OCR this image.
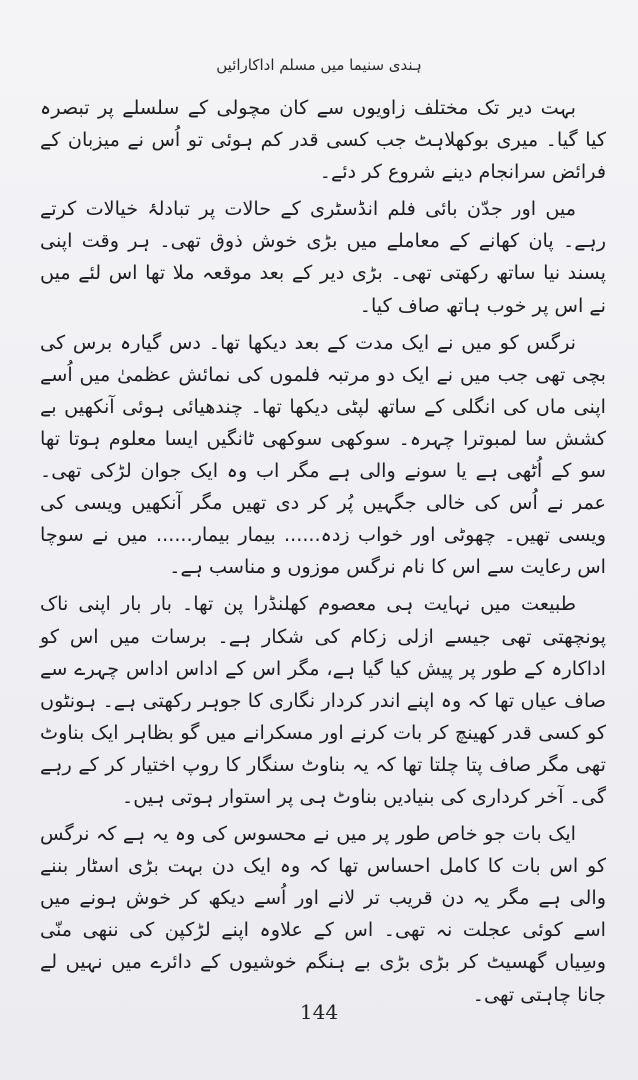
ہندی سنیما میں مسلم اداکارائیں

بہت دیر تک مختلف زاویوں سے کان مچولی کے سلسلے پر تبصرہ کیا گیا۔ میری بوکھلاہٹ جب کسی قدر کم ہوئی تو اُس نے میزبان کے فرائض سرانجام دینے شروع کر دئے۔

میں اور جدّن بائی فلم انڈسٹری کے حالات پر تبادلۂ خیالات کرتے رہے۔ پان کھانے کے معاملے میں بڑی خوش ذوق تھی۔ ہر وقت اپنی پسند نیا ساتھ رکھتی تھی۔ بڑی دیر کے بعد موقعہ ملا تھا اس لئے میں نے اس پر خوب ہاتھ صاف کیا۔

نرگس کو میں نے ایک مدت کے بعد دیکھا تھا۔ دس گیارہ برس کی بچی تھی جب میں نے ایک دو مرتبہ فلموں کی نمائش عظمیٰ میں اُسے اپنی ماں کی انگلی کے ساتھ لپٹی دیکھا تھا۔ چندھیائی ہوئی آنکھیں بے کشش سا لمبوترا چہرہ۔ سوکھی سوکھی ٹانگیں ایسا معلوم ہوتا تھا سو کے اُٹھی ہے یا سونے والی ہے مگر اب وہ ایک جوان لڑکی تھی۔ عمر نے اُس کی خالی جگہیں پُر کر دی تھیں مگر آنکھیں ویسی کی ویسی تھیں۔ چھوٹی اور خواب زدہ...... بیمار بیمار...... میں نے سوچا اس رعایت سے اس کا نام نرگس موزوں و مناسب ہے۔

طبیعت میں نہایت ہی معصوم کھلنڈرا پن تھا۔ بار بار اپنی ناک پونچھتی تھی جیسے ازلی زکام کی شکار ہے۔ برسات میں اس کو اداکارہ کے طور پر پیش کیا گیا ہے، مگر اس کے اداس اداس چہرے سے صاف عیاں تھا کہ وہ اپنے اندر کردار نگاری کا جوہر رکھتی ہے۔ ہونٹوں کو کسی قدر کھینچ کر بات کرنے اور مسکرانے میں گو بظاہر ایک بناوٹ تھی مگر صاف پتا چلتا تھا کہ یہ بناوٹ سنگار کا روپ اختیار کر کے رہے گی۔ آخر کرداری کی بنیادیں بناوٹ ہی پر استوار ہوتی ہیں۔

ایک بات جو خاص طور پر میں نے محسوس کی وہ یہ ہے کہ نرگس کو اس بات کا کامل احساس تھا کہ وہ ایک دن بہت بڑی اسٹار بننے والی ہے مگر یہ دن قریب تر لانے اور اُسے دیکھ کر خوش ہونے میں اسے کوئی عجلت نہ تھی۔ اس کے علاوہ اپنے لڑکپن کی ننھی منّی وسِیاں گھسیٹ کر بڑی بڑی بے ہنگم خوشیوں کے دائرے میں نہیں لے جانا چاہتی تھی۔

144
